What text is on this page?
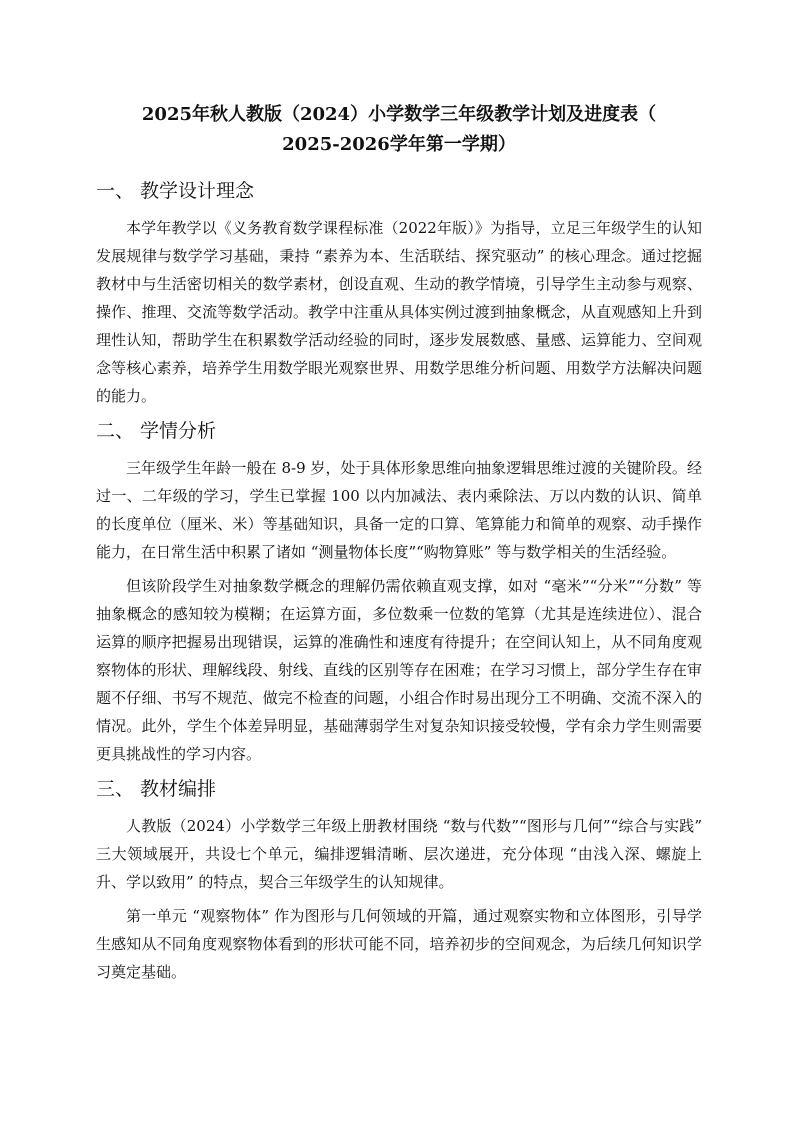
2025年秋人教版（2024）小学数学三年级教学计划及进度表（
2025-2026学年第一学期）
一、 教学设计理念

本学年教学以《义务教育数学课程标准（2022年版）》为指导，立足三年级学生的认知发展规律与数学学习基础，秉持 “素养为本、生活联结、探究驱动” 的核心理念。通过挖掘教材中与生活密切相关的数学素材，创设直观、生动的教学情境，引导学生主动参与观察、操作、推理、交流等数学活动。教学中注重从具体实例过渡到抽象概念，从直观感知上升到理性认知，帮助学生在积累数学活动经验的同时，逐步发展数感、量感、运算能力、空间观念等核心素养，培养学生用数学眼光观察世界、用数学思维分析问题、用数学方法解决问题的能力。

二、 学情分析

三年级学生年龄一般在 8-9 岁，处于具体形象思维向抽象逻辑思维过渡的关键阶段。经过一、二年级的学习，学生已掌握 100 以内加减法、表内乘除法、万以内数的认识、简单的长度单位（厘米、米）等基础知识，具备一定的口算、笔算能力和简单的观察、动手操作能力，在日常生活中积累了诸如 “测量物体长度”“购物算账” 等与数学相关的生活经验。

但该阶段学生对抽象数学概念的理解仍需依赖直观支撑，如对 “毫米”“分米”“分数” 等抽象概念的感知较为模糊；在运算方面，多位数乘一位数的笔算（尤其是连续进位）、混合运算的顺序把握易出现错误，运算的准确性和速度有待提升；在空间认知上，从不同角度观察物体的形状、理解线段、射线、直线的区别等存在困难；在学习习惯上，部分学生存在审题不仔细、书写不规范、做完不检查的问题，小组合作时易出现分工不明确、交流不深入的情况。此外，学生个体差异明显，基础薄弱学生对复杂知识接受较慢，学有余力学生则需要更具挑战性的学习内容。

三、 教材编排

人教版（2024）小学数学三年级上册教材围绕 “数与代数”“图形与几何”“综合与实践” 三大领域展开，共设七个单元，编排逻辑清晰、层次递进，充分体现 “由浅入深、螺旋上升、学以致用” 的特点，契合三年级学生的认知规律。

第一单元 “观察物体” 作为图形与几何领域的开篇，通过观察实物和立体图形，引导学生感知从不同角度观察物体看到的形状可能不同，培养初步的空间观念，为后续几何知识学习奠定基础。
